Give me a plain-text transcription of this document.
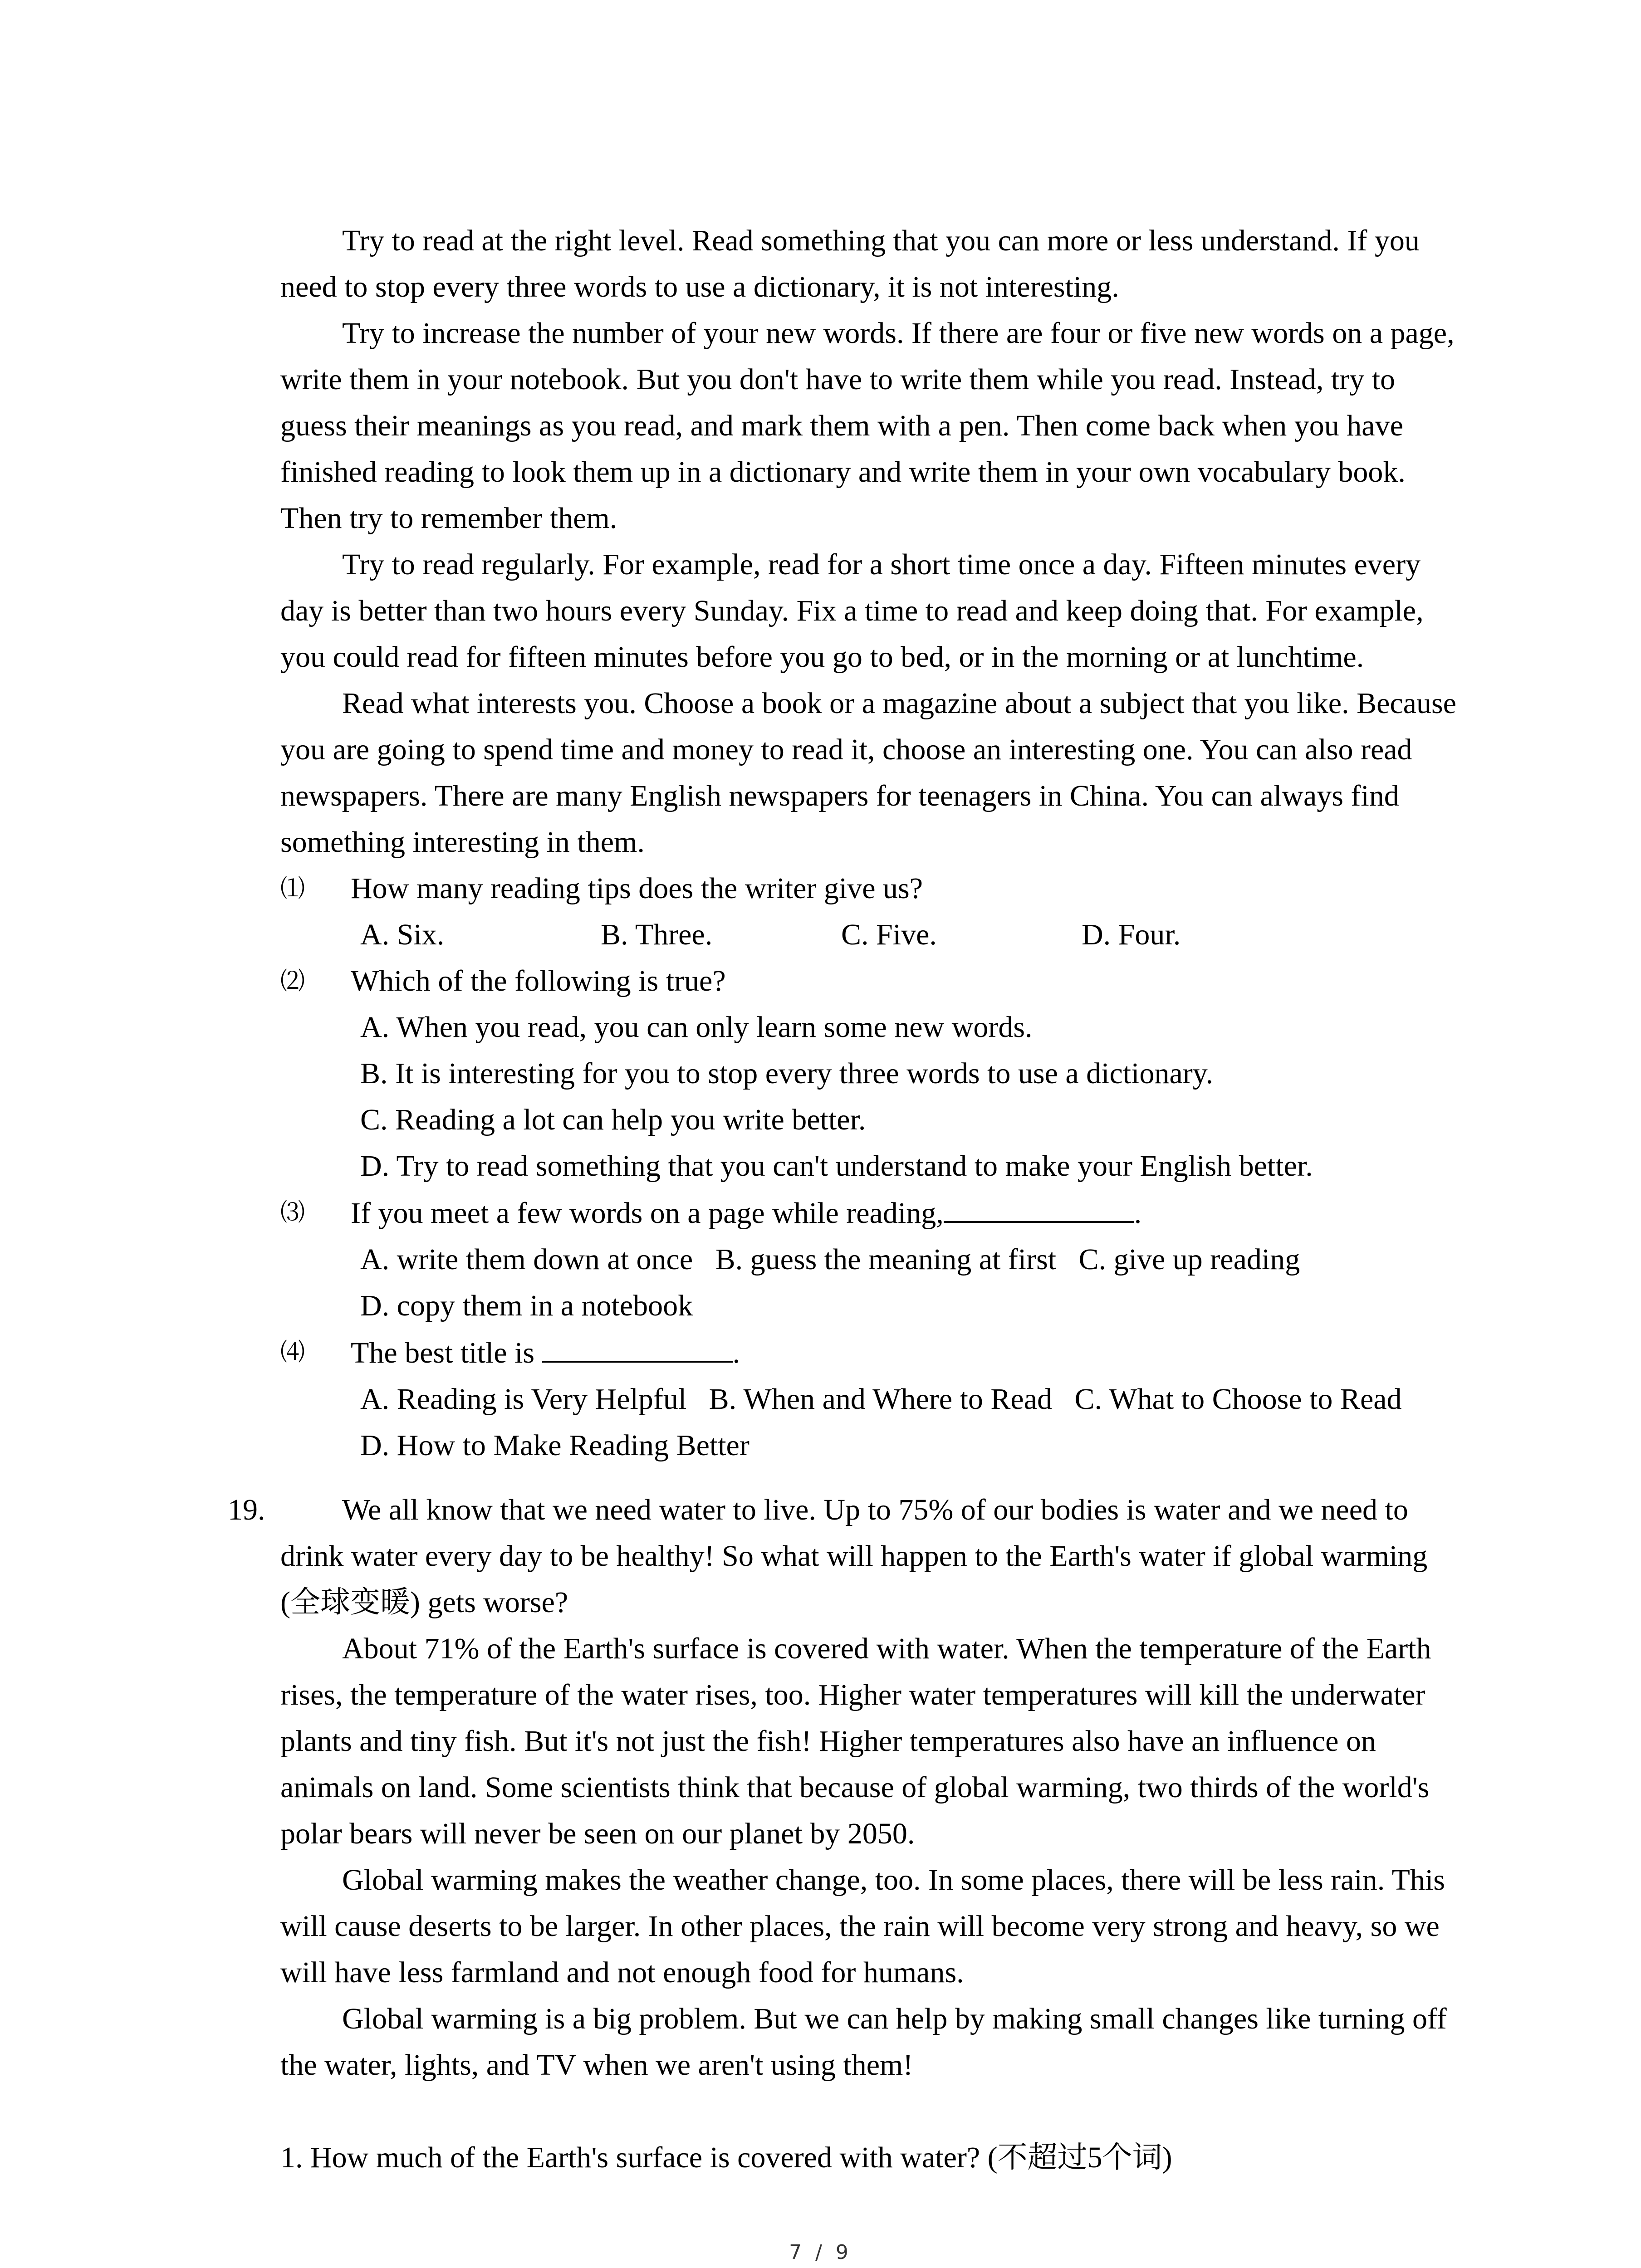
Try to read at the right level. Read something that you can more or less understand. If you need to stop every three words to use a dictionary, it is not interesting.

Try to increase the number of your new words. If there are four or five new words on a page, write them in your notebook. But you don't have to write them while you read. Instead, try to guess their meanings as you read, and mark them with a pen. Then come back when you have finished reading to look them up in a dictionary and write them in your own vocabulary book. Then try to remember them.

Try to read regularly. For example, read for a short time once a day. Fifteen minutes every day is better than two hours every Sunday. Fix a time to read and keep doing that. For example, you could read for fifteen minutes before you go to bed, or in the morning or at lunchtime.

Read what interests you. Choose a book or a magazine about a subject that you like. Because you are going to spend time and money to read it, choose an interesting one. You can also read newspapers. There are many English newspapers for teenagers in China. You can always find something interesting in them.

⑴	How many reading tips does the writer give us?
A. Six.	B. Three.	C. Five.	D. Four.
⑵	Which of the following is true?
A. When you read, you can only learn some new words.
B. It is interesting for you to stop every three words to use a dictionary.
C. Reading a lot can help you write better.
D. Try to read something that you can't understand to make your English better.
⑶	If you meet a few words on a page while reading,	.
A. write them down at once   B. guess the meaning at first   C. give up reading
D. copy them in a notebook
⑷	The best title is	.
A. Reading is Very Helpful   B. When and Where to Read   C. What to Choose to Read
D. How to Make Reading Better
19.	We all know that we need water to live. Up to 75% of our bodies is water and we need to drink water every day to be healthy! So what will happen to the Earth's water if global warming (全球变暖) gets worse?

About 71% of the Earth's surface is covered with water. When the temperature of the Earth rises, the temperature of the water rises, too. Higher water temperatures will kill the underwater plants and tiny fish. But it's not just the fish! Higher temperatures also have an influence on animals on land. Some scientists think that because of global warming, two thirds of the world's polar bears will never be seen on our planet by 2050.

Global warming makes the weather change, too. In some places, there will be less rain. This will cause deserts to be larger. In other places, the rain will become very strong and heavy, so we will have less farmland and not enough food for humans.

Global warming is a big problem. But we can help by making small changes like turning off the water, lights, and TV when we aren't using them!

1. How much of the Earth's surface is covered with water? (不超过5个词)
7 / 9
